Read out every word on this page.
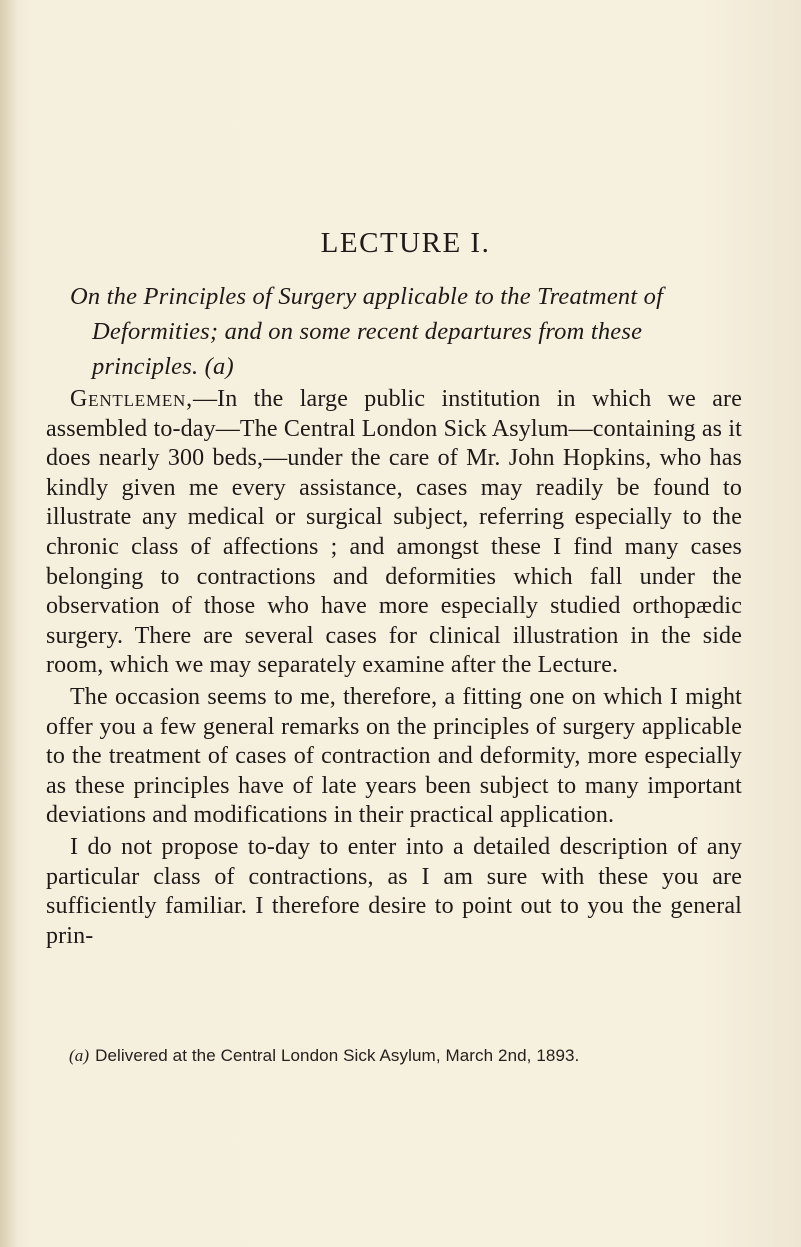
LECTURE I.

On the Principles of Surgery applicable to the Treatment of Deformities; and on some recent departures from these principles. (a)

Gentlemen,—In the large public institution in which we are assembled to-day—The Central London Sick Asylum—containing as it does nearly 300 beds,—under the care of Mr. John Hopkins, who has kindly given me every assistance, cases may readily be found to illustrate any medical or surgical subject, referring especially to the chronic class of affections ; and amongst these I find many cases belonging to contractions and deformities which fall under the observation of those who have more especially studied orthopædic surgery. There are several cases for clinical illustration in the side room, which we may separately examine after the Lecture.

The occasion seems to me, therefore, a fitting one on which I might offer you a few general remarks on the principles of surgery applicable to the treatment of cases of contraction and deformity, more especially as these principles have of late years been subject to many important deviations and modifications in their practical application.

I do not propose to-day to enter into a detailed description of any particular class of contractions, as I am sure with these you are sufficiently familiar. I therefore desire to point out to you the general prin-

(a) Delivered at the Central London Sick Asylum, March 2nd, 1893.
